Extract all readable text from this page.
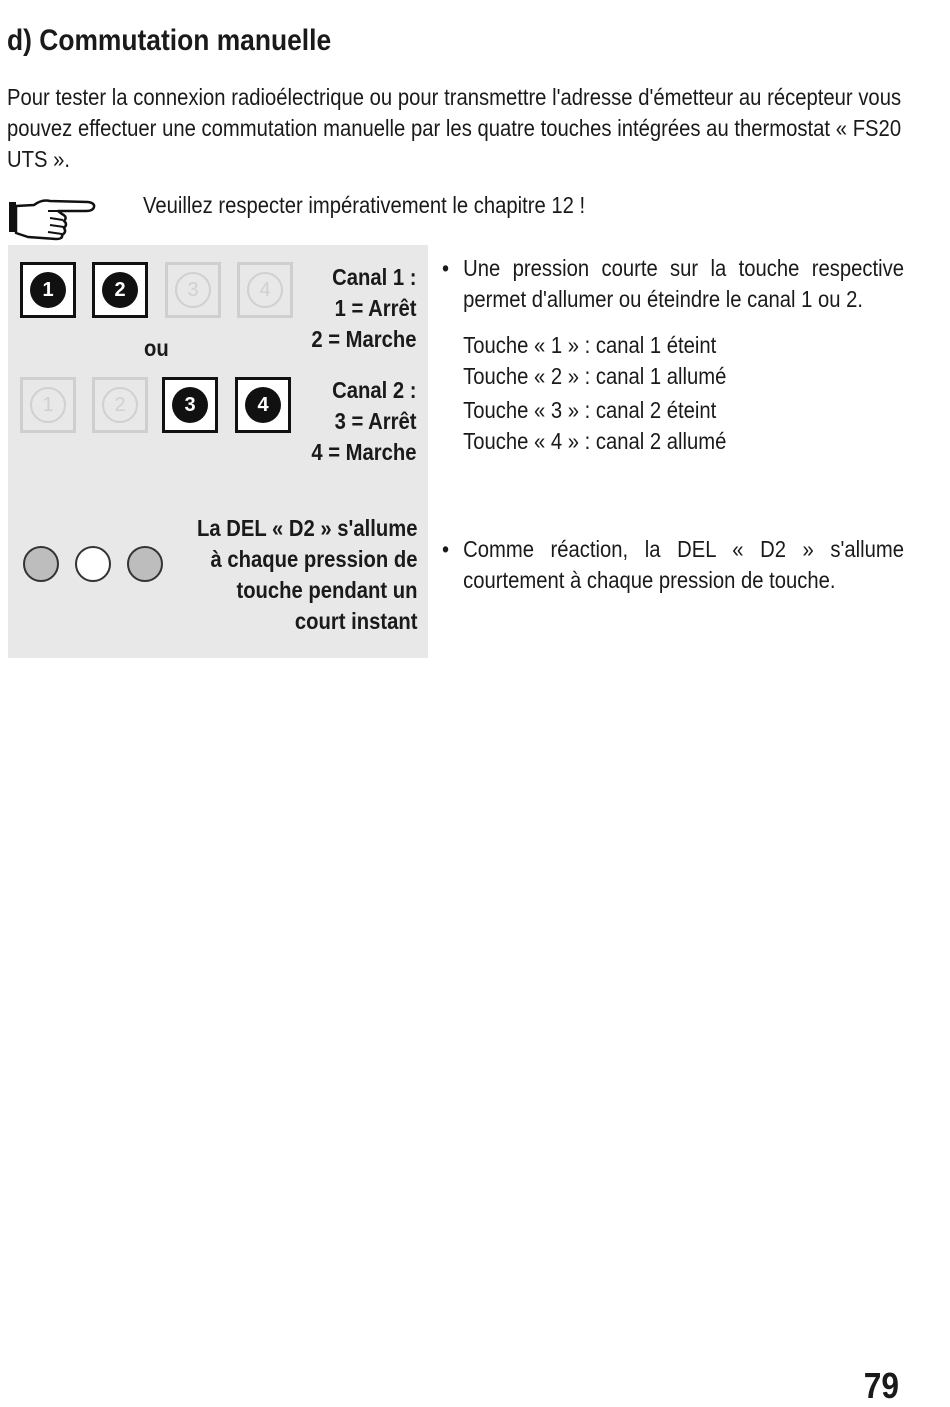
d) Commutation manuelle
Pour tester la connexion radioélectrique ou pour transmettre l'adresse d'émetteur au récepteur vous pouvez effectuer une commutation manuelle par les quatre touches intégrées au thermostat « FS20 UTS ».
Veuillez respecter impérativement le chapitre 12 !
1	2	3	4	Canal 1 :
1 = Arrêt
2 = Marche
ou
1	2	3	4
Canal 2 :
3 = Arrêt
4 = Marche
La DEL « D2 » s'allume
à chaque pression de
touche pendant un
court instant
• Une pression courte sur la touche respective permet d'allumer ou éteindre le canal 1 ou 2.
Touche « 1 » : canal 1 éteint
Touche « 2 » : canal 1 allumé
Touche « 3 » : canal 2 éteint
Touche « 4 » : canal 2 allumé
• Comme réaction, la DEL « D2 » s'allume courtement à chaque pression de touche.
79
